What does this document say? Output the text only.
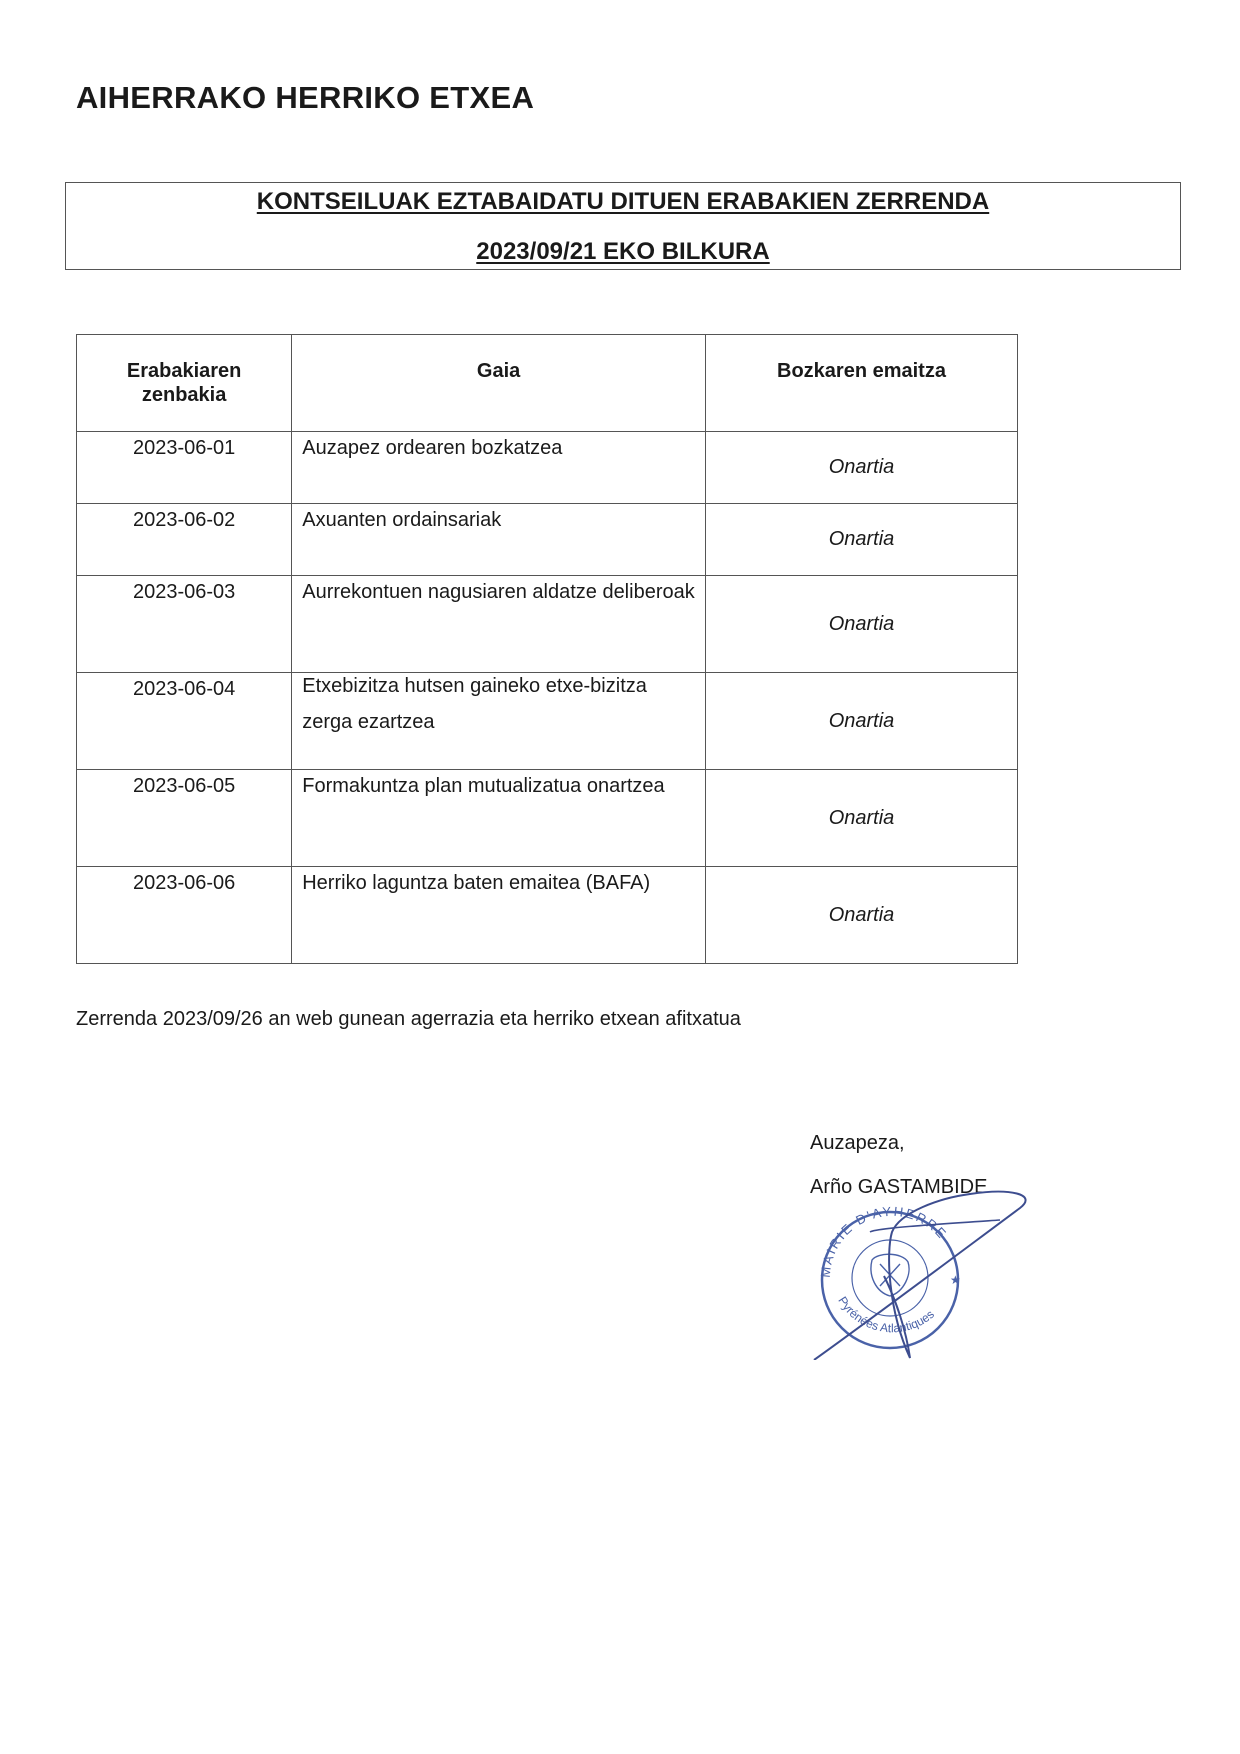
AIHERRAKO HERRIKO ETXEA
KONTSEILUAK EZTABAIDATU DITUEN ERABAKIEN ZERRENDA
2023/09/21 EKO BILKURA
Erabakiaren
zenbakia	Gaia	Bozkaren emaitza
2023-06-01	Auzapez ordearen bozkatzea	Onartia
2023-06-02	Axuanten ordainsariak	Onartia
2023-06-03	Aurrekontuen nagusiaren aldatze deliberoak	Onartia
2023-06-04	Etxebizitza hutsen gaineko etxe-bizitza zerga ezartzea	Onartia
2023-06-05	Formakuntza plan mutualizatua onartzea	Onartia
2023-06-06	Herriko laguntza baten emaitea (BAFA)	Onartia
Zerrenda 2023/09/26 an web gunean agerrazia eta herriko etxean afitxatua
Auzapeza,
Arño GASTAMBIDE
MAIRIE D'AYHERRE
Pyrénées Atlantiques
★
